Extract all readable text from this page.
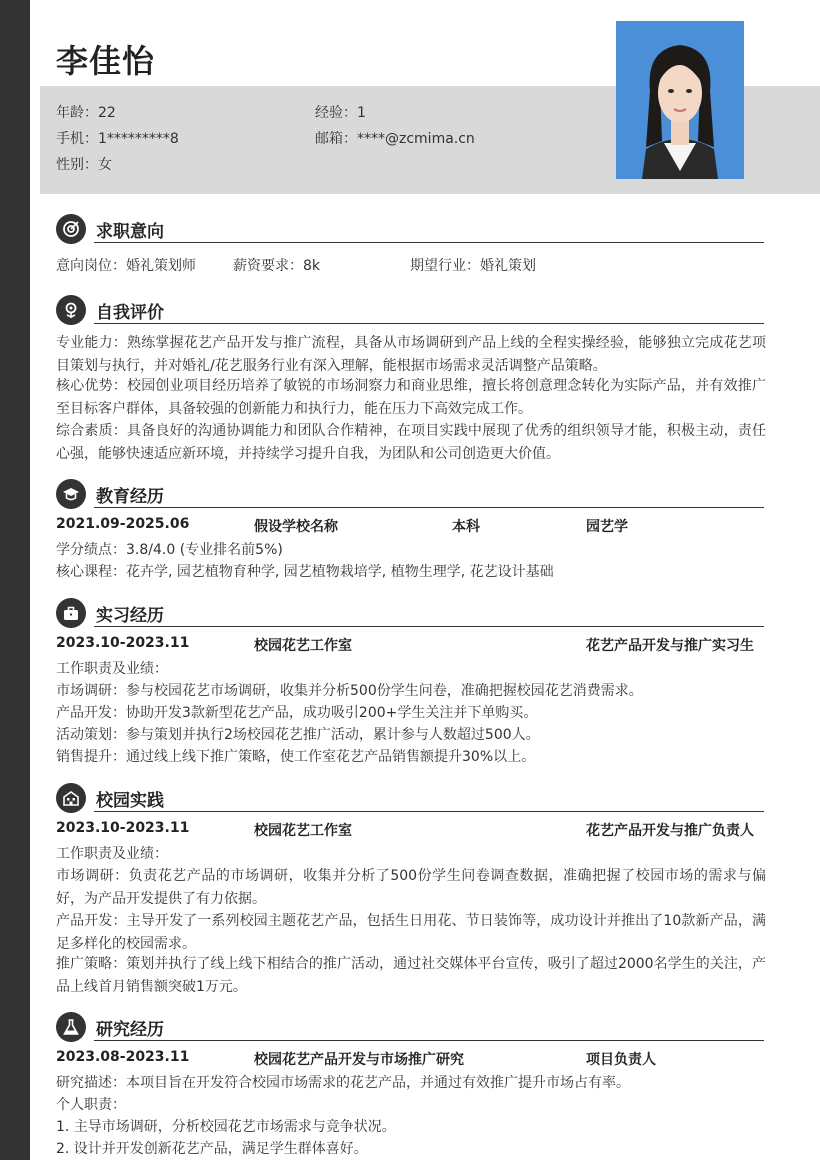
李佳怡
年龄：22	经验：1
手机：1*********8	邮箱：****@zcmima.cn
性别：女
求职意向
意向岗位：婚礼策划师	薪资要求：8k	期望行业：婚礼策划
自我评价
专业能力：熟练掌握花艺产品开发与推广流程，具备从市场调研到产品上线的全程实操经验，能够独立完成花艺项目策划与执行，并对婚礼/花艺服务行业有深入理解，能根据市场需求灵活调整产品策略。
核心优势：校园创业项目经历培养了敏锐的市场洞察力和商业思维，擅长将创意理念转化为实际产品，并有效推广至目标客户群体，具备较强的创新能力和执行力，能在压力下高效完成工作。
综合素质：具备良好的沟通协调能力和团队合作精神，在项目实践中展现了优秀的组织领导才能，积极主动，责任心强，能够快速适应新环境，并持续学习提升自我，为团队和公司创造更大价值。
教育经历
2021.09-2025.06	假设学校名称	本科	园艺学
学分绩点：3.8/4.0 (专业排名前5%)
核心课程：花卉学, 园艺植物育种学, 园艺植物栽培学, 植物生理学, 花艺设计基础
实习经历
2023.10-2023.11	校园花艺工作室	花艺产品开发与推广实习生
工作职责及业绩：
市场调研：参与校园花艺市场调研，收集并分析500份学生问卷，准确把握校园花艺消费需求。
产品开发：协助开发3款新型花艺产品，成功吸引200+学生关注并下单购买。
活动策划：参与策划并执行2场校园花艺推广活动，累计参与人数超过500人。
销售提升：通过线上线下推广策略，使工作室花艺产品销售额提升30%以上。
校园实践
2023.10-2023.11	校园花艺工作室	花艺产品开发与推广负责人
工作职责及业绩：
市场调研：负责花艺产品的市场调研，收集并分析了500份学生问卷调查数据，准确把握了校园市场的需求与偏好，为产品开发提供了有力依据。
产品开发：主导开发了一系列校园主题花艺产品，包括生日用花、节日装饰等，成功设计并推出了10款新产品，满足多样化的校园需求。
推广策略：策划并执行了线上线下相结合的推广活动，通过社交媒体平台宣传，吸引了超过2000名学生的关注，产品上线首月销售额突破1万元。
研究经历
2023.08-2023.11	校园花艺产品开发与市场推广研究	项目负责人
研究描述：本项目旨在开发符合校园市场需求的花艺产品，并通过有效推广提升市场占有率。
个人职责：
1. 主导市场调研，分析校园花艺市场需求与竞争状况。
2. 设计并开发创新花艺产品，满足学生群体喜好。
